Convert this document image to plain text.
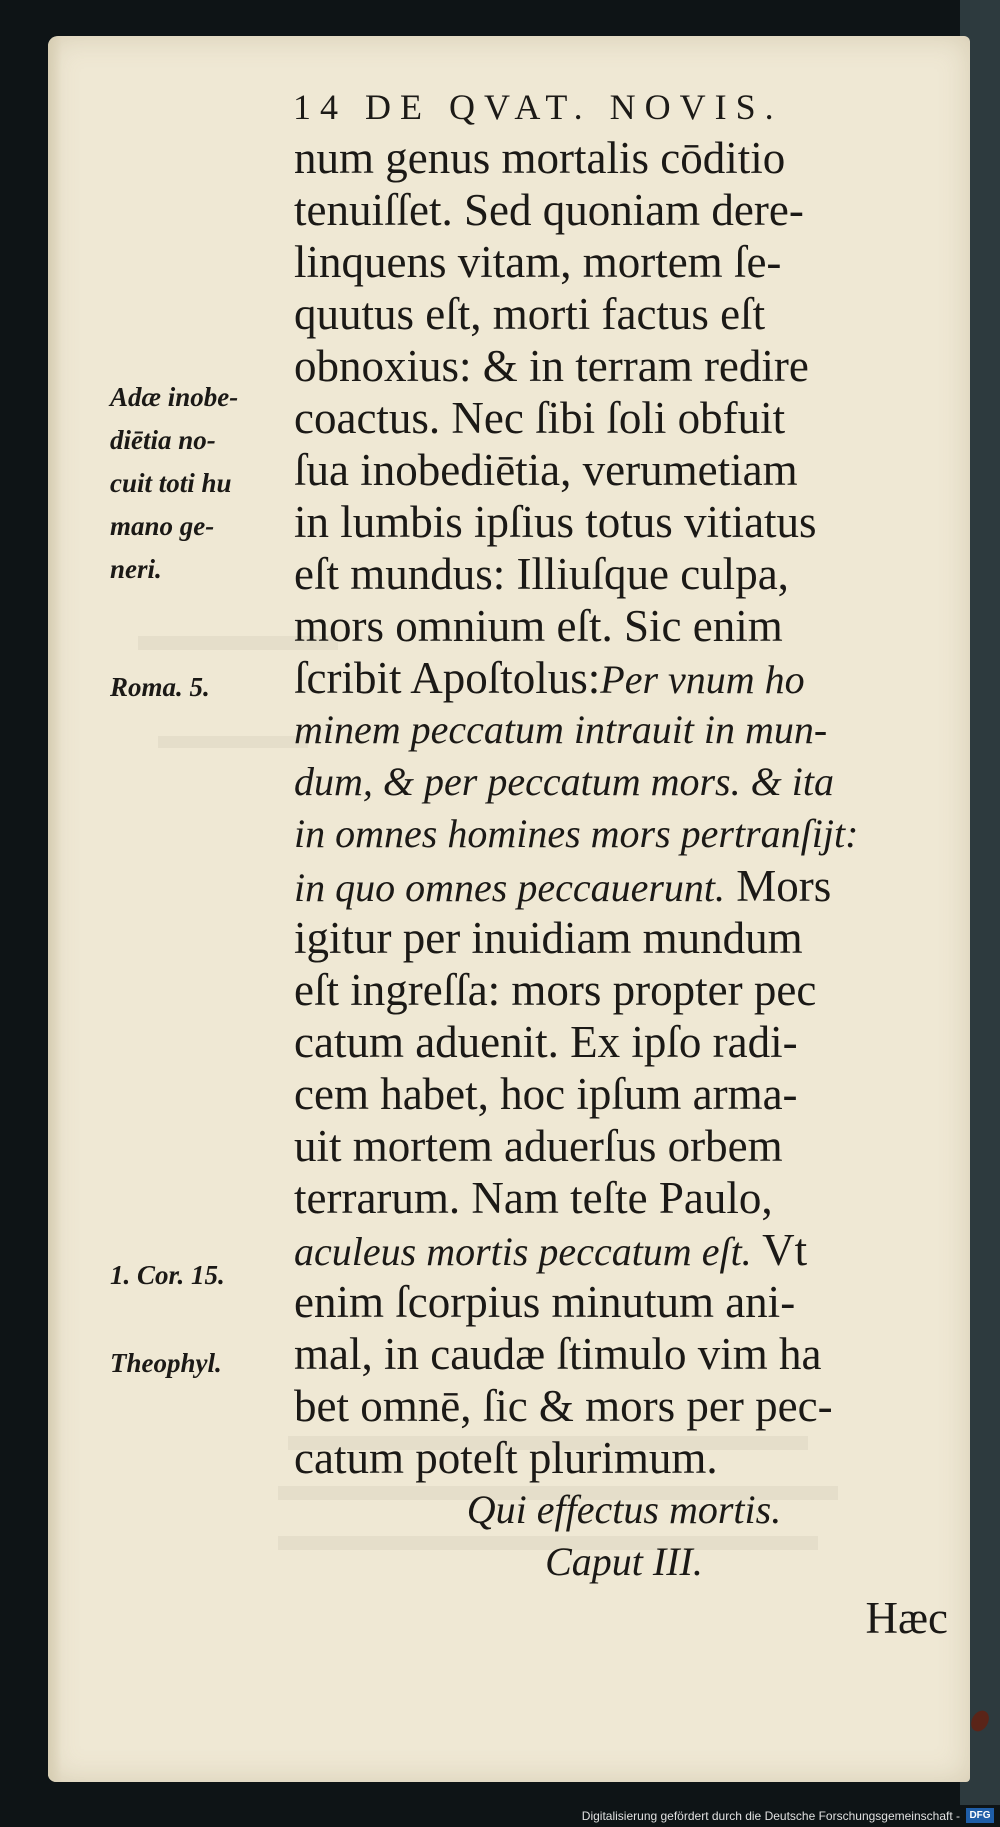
14 DE QVAT. NOVIS.
num genus mortalis cōditio
tenuiſſet. Sed quoniam dere-
linquens vitam, mortem ſe-
quutus eſt, morti factus eſt
obnoxius: & in terram redire
coactus. Nec ſibi ſoli obfuit
ſua inobediētia, verumetiam
in lumbis ipſius totus vitiatus
eſt mundus: Illiuſque culpa,
mors omnium eſt. Sic enim
ſcribit Apoſtolus:Per vnum ho
minem peccatum intrauit in mun-
dum, & per peccatum mors. & ita
in omnes homines mors pertranſijt:
in quo omnes peccauerunt. Mors
igitur per inuidiam mundum
eſt ingreſſa: mors propter pec
catum aduenit. Ex ipſo radi-
cem habet, hoc ipſum arma-
uit mortem aduerſus orbem
terrarum. Nam teſte Paulo,
aculeus mortis peccatum eſt. Vt
enim ſcorpius minutum ani-
mal, in caudæ ſtimulo vim ha
bet omnē, ſic & mors per pec-
catum poteſt plurimum.
Qui effectus mortis.
Caput III.
Hæc
Adæ inobe-
diētia no-
cuit toti hu
mano ge-
neri.
Roma. 5.
1. Cor. 15.
Theophyl.
Digitalisierung gefördert durch die Deutsche Forschungsgemeinschaft - DFG
